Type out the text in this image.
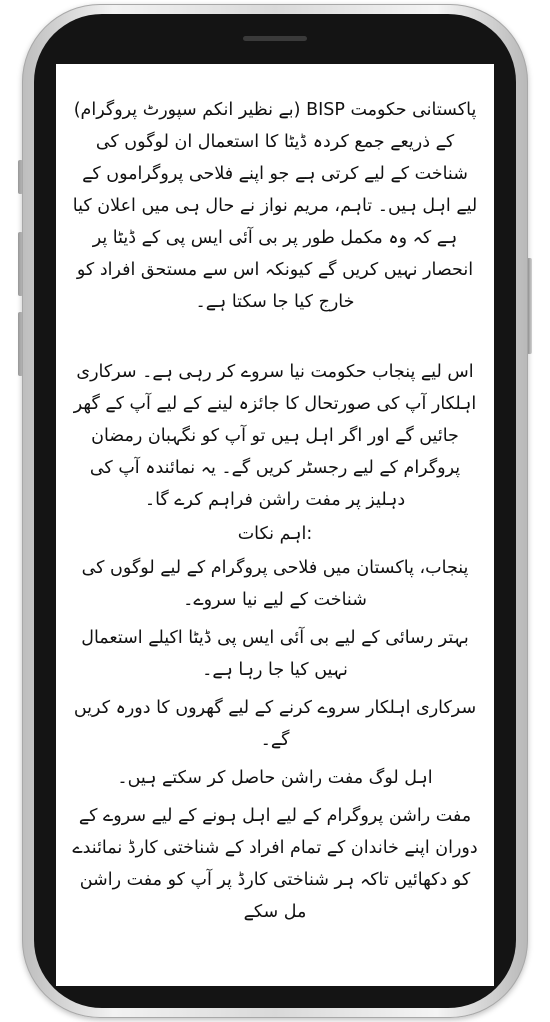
پاکستانی حکومت BISP (بے نظیر انکم سپورٹ پروگرام) کے ذریعے جمع کردہ ڈیٹا کا استعمال ان لوگوں کی شناخت کے لیے کرتی ہے جو اپنے فلاحی پروگراموں کے لیے اہل ہیں۔ تاہم، مریم نواز نے حال ہی میں اعلان کیا ہے کہ وہ مکمل طور پر بی آئی ایس پی کے ڈیٹا پر انحصار نہیں کریں گے کیونکہ اس سے مستحق افراد کو خارج کیا جا سکتا ہے۔

اس لیے پنجاب حکومت نیا سروے کر رہی ہے۔ سرکاری اہلکار آپ کی صورتحال کا جائزہ لینے کے لیے آپ کے گھر جائیں گے اور اگر اہل ہیں تو آپ کو نگہبان رمضان پروگرام کے لیے رجسٹر کریں گے۔ یہ نمائندہ آپ کی دہلیز پر مفت راشن فراہم کرے گا۔

:اہم نکات

پنجاب، پاکستان میں فلاحی پروگرام کے لیے لوگوں کی شناخت کے لیے نیا سروے۔

بہتر رسائی کے لیے بی آئی ایس پی ڈیٹا اکیلے استعمال نہیں کیا جا رہا ہے۔

سرکاری اہلکار سروے کرنے کے لیے گھروں کا دورہ کریں گے۔

اہل لوگ مفت راشن حاصل کر سکتے ہیں۔

مفت راشن پروگرام کے لیے اہل ہونے کے لیے سروے کے دوران اپنے خاندان کے تمام افراد کے شناختی کارڈ نمائندے کو دکھائیں تاکہ ہر شناختی کارڈ پر آپ کو مفت راشن مل سکے
